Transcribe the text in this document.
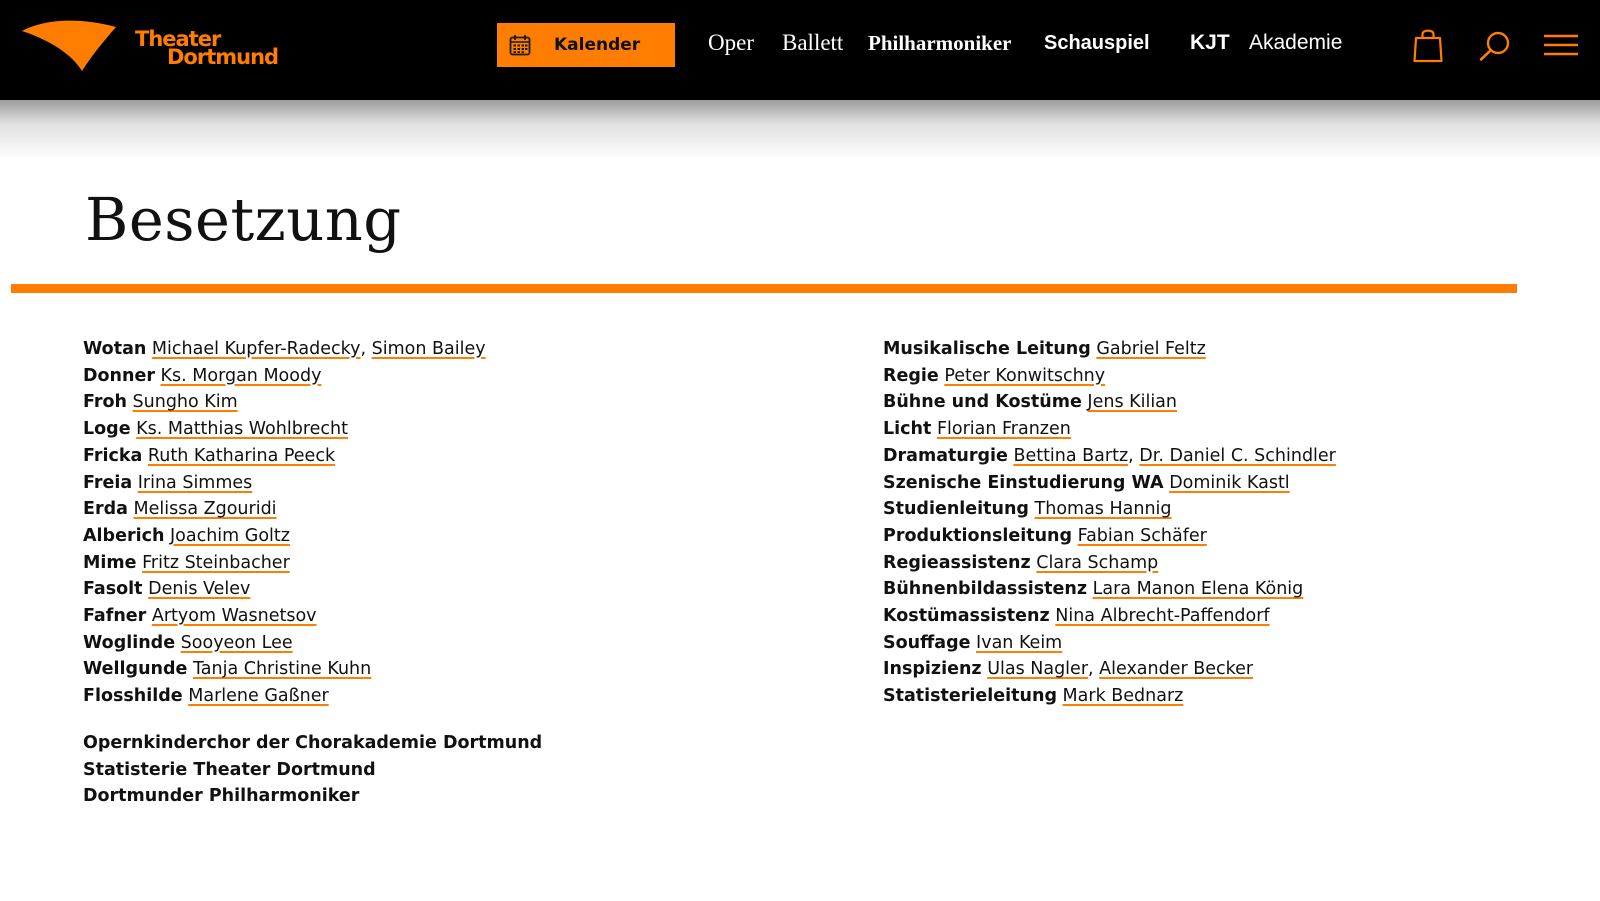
Theater
Dortmund	Kalender	Oper Ballett Philharmoniker Schauspiel KJT Akademie
Besetzung
Wotan Michael Kupfer-Radecky, Simon Bailey
Donner Ks. Morgan Moody
Froh Sungho Kim
Loge Ks. Matthias Wohlbrecht
Fricka Ruth Katharina Peeck
Freia Irina Simmes
Erda Melissa Zgouridi
Alberich Joachim Goltz
Mime Fritz Steinbacher
Fasolt Denis Velev
Fafner Artyom Wasnetsov
Woglinde Sooyeon Lee
Wellgunde Tanja Christine Kuhn
Flosshilde Marlene Gaßner
Opernkinderchor der Chorakademie Dortmund
Statisterie Theater Dortmund
Dortmunder Philharmoniker
Musikalische Leitung Gabriel Feltz
Regie Peter Konwitschny
Bühne und Kostüme Jens Kilian
Licht Florian Franzen
Dramaturgie Bettina Bartz, Dr. Daniel C. Schindler
Szenische Einstudierung WA Dominik Kastl
Studienleitung Thomas Hannig
Produktionsleitung Fabian Schäfer
Regieassistenz Clara Schamp
Bühnenbildassistenz Lara Manon Elena König
Kostümassistenz Nina Albrecht-Paffendorf
Souffage Ivan Keim
Inspizienz Ulas Nagler, Alexander Becker
Statisterieleitung Mark Bednarz
